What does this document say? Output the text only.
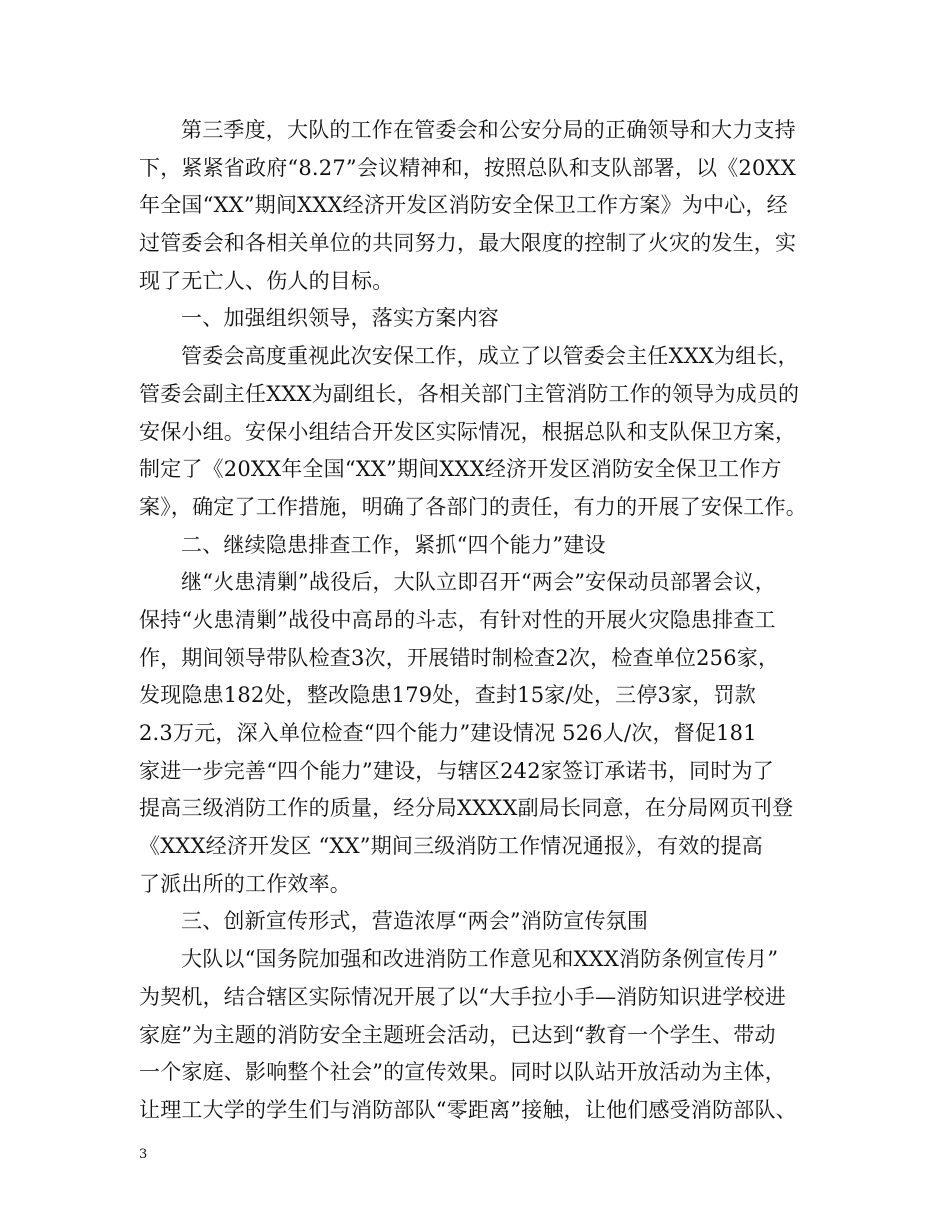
第三季度，大队的工作在管委会和公安分局的正确领导和大力支持
下，紧紧省政府“8.27”会议精神和，按照总队和支队部署，以《20XX
年全国“XX”期间XXX经济开发区消防安全保卫工作方案》为中心，经
过管委会和各相关单位的共同努力，最大限度的控制了火灾的发生，实
现了无亡人、伤人的目标。
一、加强组织领导，落实方案内容
管委会高度重视此次安保工作，成立了以管委会主任XXX为组长，
管委会副主任XXX为副组长，各相关部门主管消防工作的领导为成员的
安保小组。安保小组结合开发区实际情况，根据总队和支队保卫方案，
制定了《20XX年全国“XX”期间XXX经济开发区消防安全保卫工作方
案》，确定了工作措施，明确了各部门的责任，有力的开展了安保工作。
二、继续隐患排查工作，紧抓“四个能力”建设
继“火患清剿”战役后，大队立即召开“两会”安保动员部署会议，
保持“火患清剿”战役中高昂的斗志，有针对性的开展火灾隐患排查工
作，期间领导带队检查3次，开展错时制检查2次，检查单位256家，
发现隐患182处，整改隐患179处，查封15家/处，三停3家，罚款
2.3万元，深入单位检查“四个能力”建设情况 526人/次，督促181
家进一步完善“四个能力”建设，与辖区242家签订承诺书，同时为了
提高三级消防工作的质量，经分局XXXX副局长同意，在分局网页刊登
《XXX经济开发区 “XX”期间三级消防工作情况通报》，有效的提高
了派出所的工作效率。
三、创新宣传形式，营造浓厚“两会”消防宣传氛围
大队以“国务院加强和改进消防工作意见和XXX消防条例宣传月”
为契机，结合辖区实际情况开展了以“大手拉小手—消防知识进学校进
家庭”为主题的消防安全主题班会活动，已达到“教育一个学生、带动
一个家庭、影响整个社会”的宣传效果。同时以队站开放活动为主体，
让理工大学的学生们与消防部队“零距离”接触，让他们感受消防部队、
3
